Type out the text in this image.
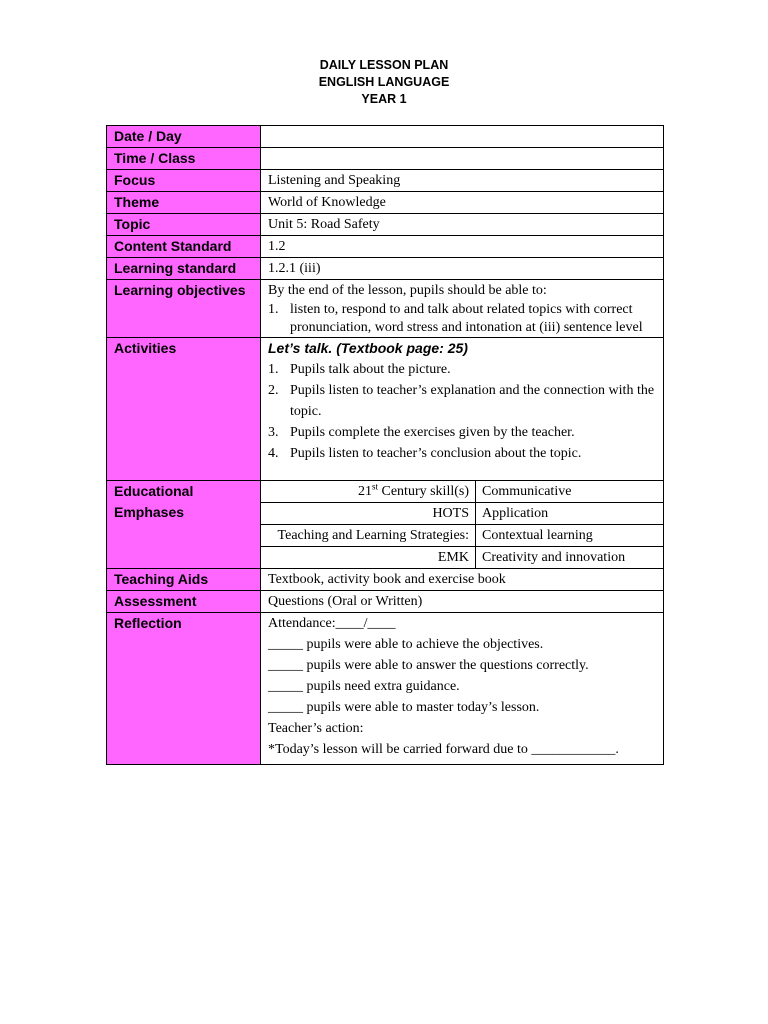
DAILY LESSON PLAN
ENGLISH LANGUAGE
YEAR 1
Date / Day	
Time / Class	
Focus	Listening and Speaking
Theme	World of Knowledge
Topic	Unit 5: Road Safety
Content Standard	1.2
Learning standard	1.2.1 (iii)
Learning objectives	By the end of the lesson, pupils should be able to:
1. listen to, respond to and talk about related topics with correct pronunciation, word stress and intonation at (iii) sentence level

Activities	Let’s talk. (Textbook page: 25)
1. Pupils talk about the picture.
2. Pupils listen to teacher’s explanation and the connection with the topic.
3. Pupils complete the exercises given by the teacher.
4. Pupils listen to teacher’s conclusion about the topic.

Educational
Emphases

21st Century skill(s)	Communicative
HOTS	Application
Teaching and Learning Strategies:	Contextual learning
EMK	Creativity and innovation

Teaching Aids	Textbook, activity book and exercise book
Assessment	Questions (Oral or Written)
Reflection	Attendance:____/____
_____ pupils were able to achieve the objectives.
_____ pupils were able to answer the questions correctly.
_____ pupils need extra guidance.
_____ pupils were able to master today’s lesson.
Teacher’s action:
*Today’s lesson will be carried forward due to ____________.
